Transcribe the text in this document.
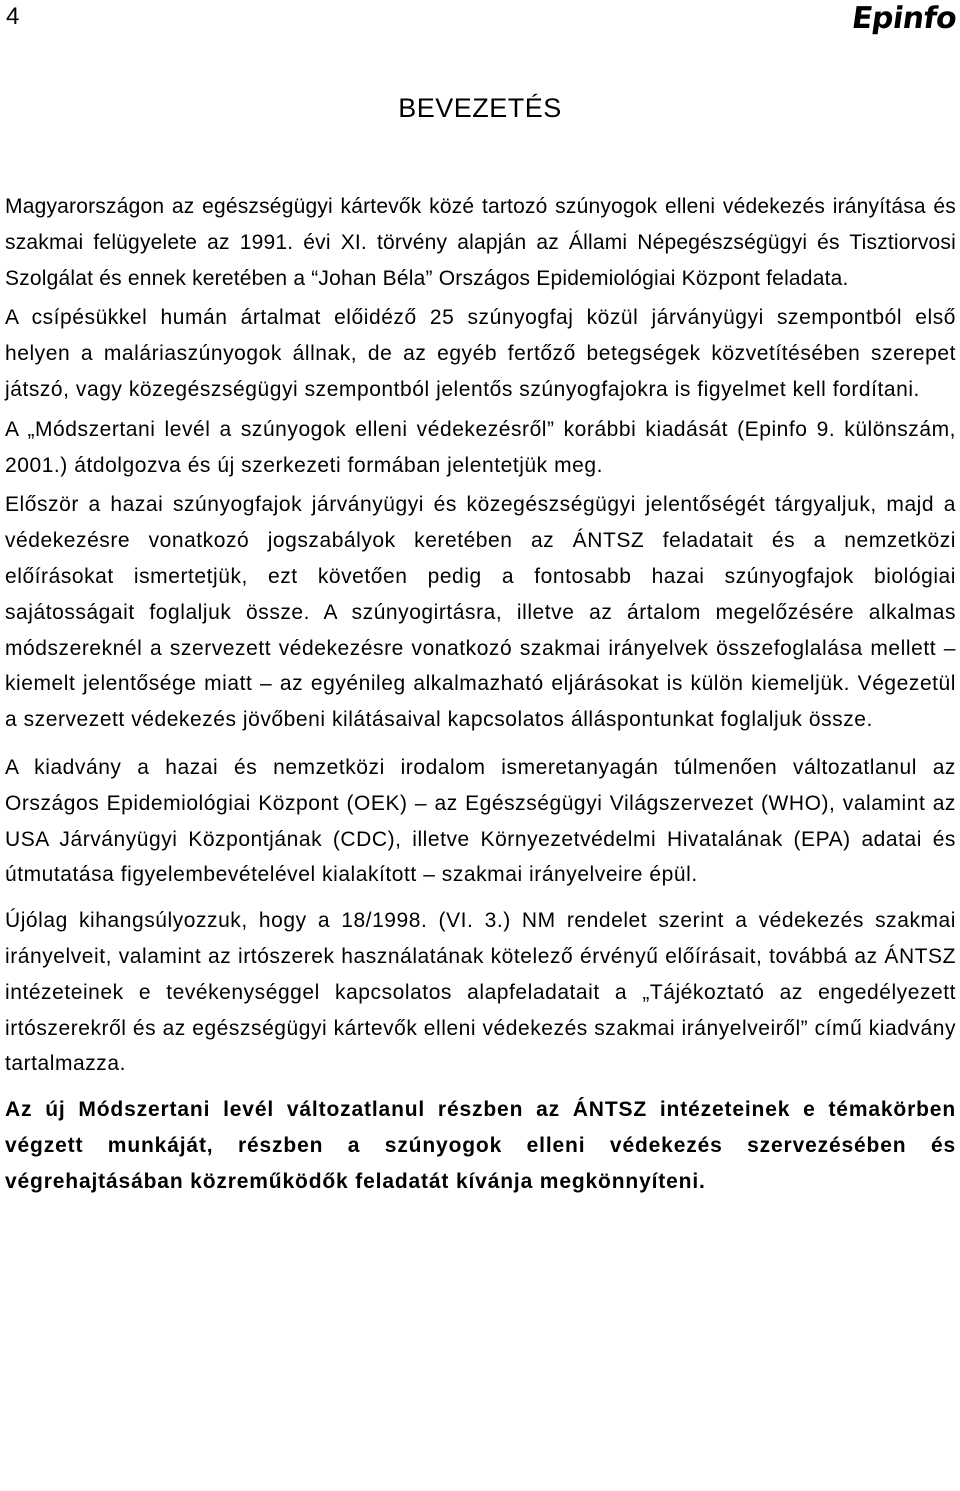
4	Epinfo
BEVEZETÉS

Magyarországon az egészségügyi kártevők közé tartozó szúnyogok elleni védekezés irányítása és szakmai felügyelete az 1991. évi XI. törvény alapján az Állami Népegészségügyi és Tisztiorvosi Szolgálat és ennek keretében a “Johan Béla” Országos Epidemiológiai Központ feladata.

A csípésükkel humán ártalmat előidéző 25 szúnyogfaj közül járványügyi szempontból első helyen a maláriaszúnyogok állnak, de az egyéb fertőző betegségek közvetítésében szerepet játszó, vagy közegészségügyi szempontból jelentős szúnyogfajokra is figyelmet kell fordítani.

A „Módszertani levél a szúnyogok elleni védekezésről” korábbi kiadását (Epinfo 9. különszám, 2001.) átdolgozva és új szerkezeti formában jelentetjük meg.

Először a hazai szúnyogfajok járványügyi és közegészségügyi jelentőségét tárgyaljuk, majd a védekezésre vonatkozó jogszabályok keretében az ÁNTSZ feladatait és a nemzetközi előírásokat ismertetjük, ezt követően pedig a fontosabb hazai szúnyogfajok biológiai sajátosságait foglaljuk össze. A szúnyogirtásra, illetve az ártalom megelőzésére alkalmas módszereknél a szervezett védekezésre vonatkozó szakmai irányelvek összefoglalása mellett – kiemelt jelentősége miatt – az egyénileg alkalmazható eljárásokat is külön kiemeljük. Végezetül a szervezett védekezés jövőbeni kilátásaival kapcsolatos álláspontunkat foglaljuk össze.

A kiadvány a hazai és nemzetközi irodalom ismeretanyagán túlmenően változatlanul az Országos Epidemiológiai Központ (OEK) – az Egészségügyi Világszervezet (WHO), valamint az USA Járványügyi Központjának (CDC), illetve Környezetvédelmi Hivatalának (EPA) adatai és útmutatása figyelembevételével kialakított – szakmai irányelveire épül.

Újólag kihangsúlyozzuk, hogy a 18/1998. (VI. 3.) NM rendelet szerint a védekezés szakmai irányelveit, valamint az irtószerek használatának kötelező érvényű előírásait, továbbá az ÁNTSZ intézeteinek e tevékenységgel kapcsolatos alapfeladatait a „Tájékoztató az engedélyezett irtószerekről és az egészségügyi kártevők elleni védekezés szakmai irányelveiről” című kiadvány tartalmazza.

Az új Módszertani levél változatlanul részben az ÁNTSZ intézeteinek e témakörben végzett munkáját, részben a szúnyogok elleni védekezés szervezésében és végrehajtásában közreműködők feladatát kívánja megkönnyíteni.
